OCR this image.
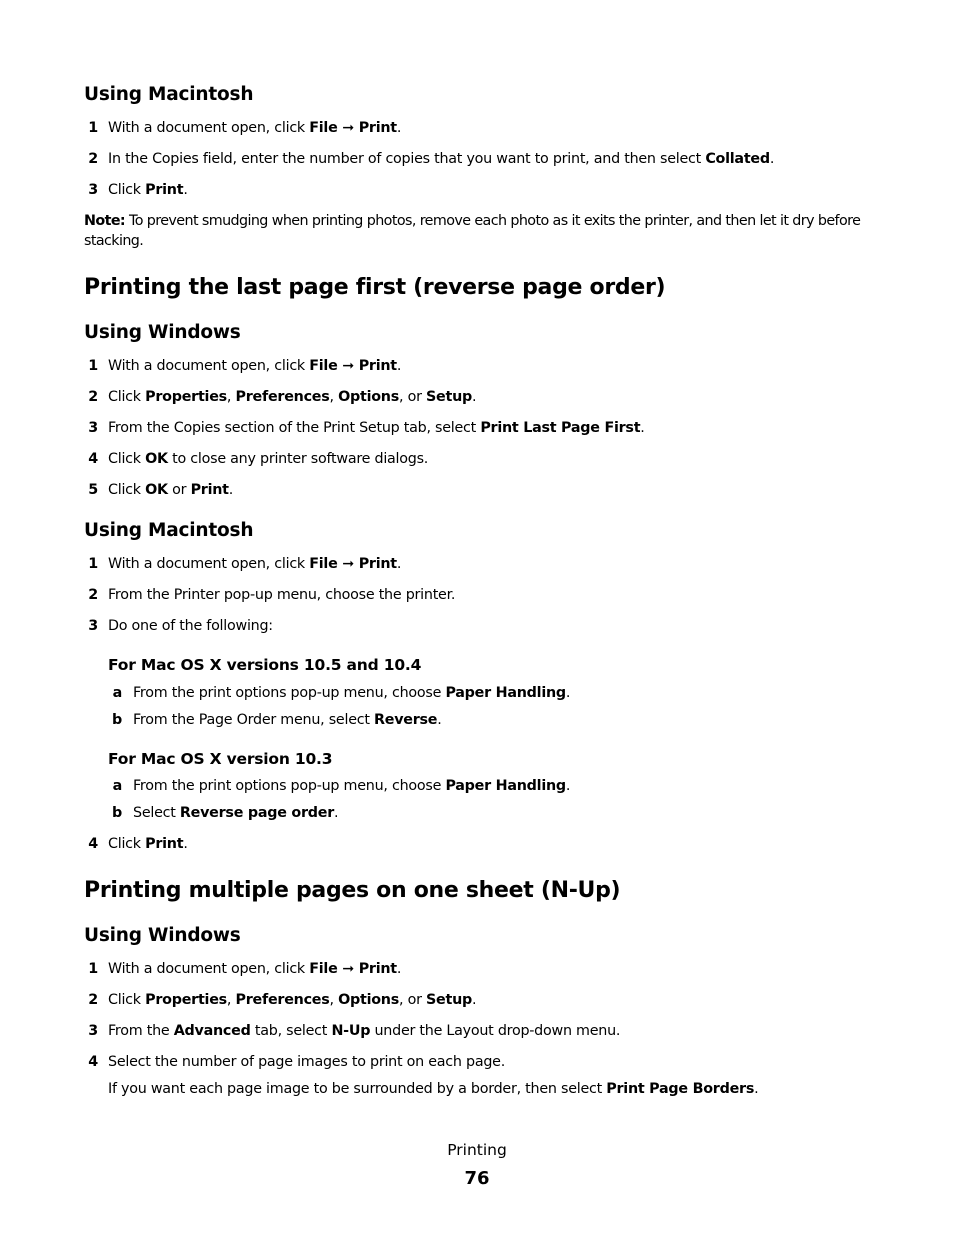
Using Macintosh
1 With a document open, click File ➞ Print.
2 In the Copies field, enter the number of copies that you want to print, and then select Collated.
3 Click Print.

Note: To prevent smudging when printing photos, remove each photo as it exits the printer, and then let it dry before stacking.

Printing the last page first (reverse page order)
Using Windows
1 With a document open, click File ➞ Print.
2 Click Properties, Preferences, Options, or Setup.
3 From the Copies section of the Print Setup tab, select Print Last Page First.
4 Click OK to close any printer software dialogs.
5 Click OK or Print.
Using Macintosh
1 With a document open, click File ➞ Print.
2 From the Printer pop-up menu, choose the printer.
3 Do one of the following:
For Mac OS X versions 10.5 and 10.4
a From the print options pop-up menu, choose Paper Handling.
b From the Page Order menu, select Reverse.
For Mac OS X version 10.3
a From the print options pop-up menu, choose Paper Handling.
b Select Reverse page order.
4 Click Print.
Printing multiple pages on one sheet (N-Up)
Using Windows
1 With a document open, click File ➞ Print.
2 Click Properties, Preferences, Options, or Setup.
3 From the Advanced tab, select N-Up under the Layout drop-down menu.
4 Select the number of page images to print on each page.
If you want each page image to be surrounded by a border, then select Print Page Borders.
Printing
76
